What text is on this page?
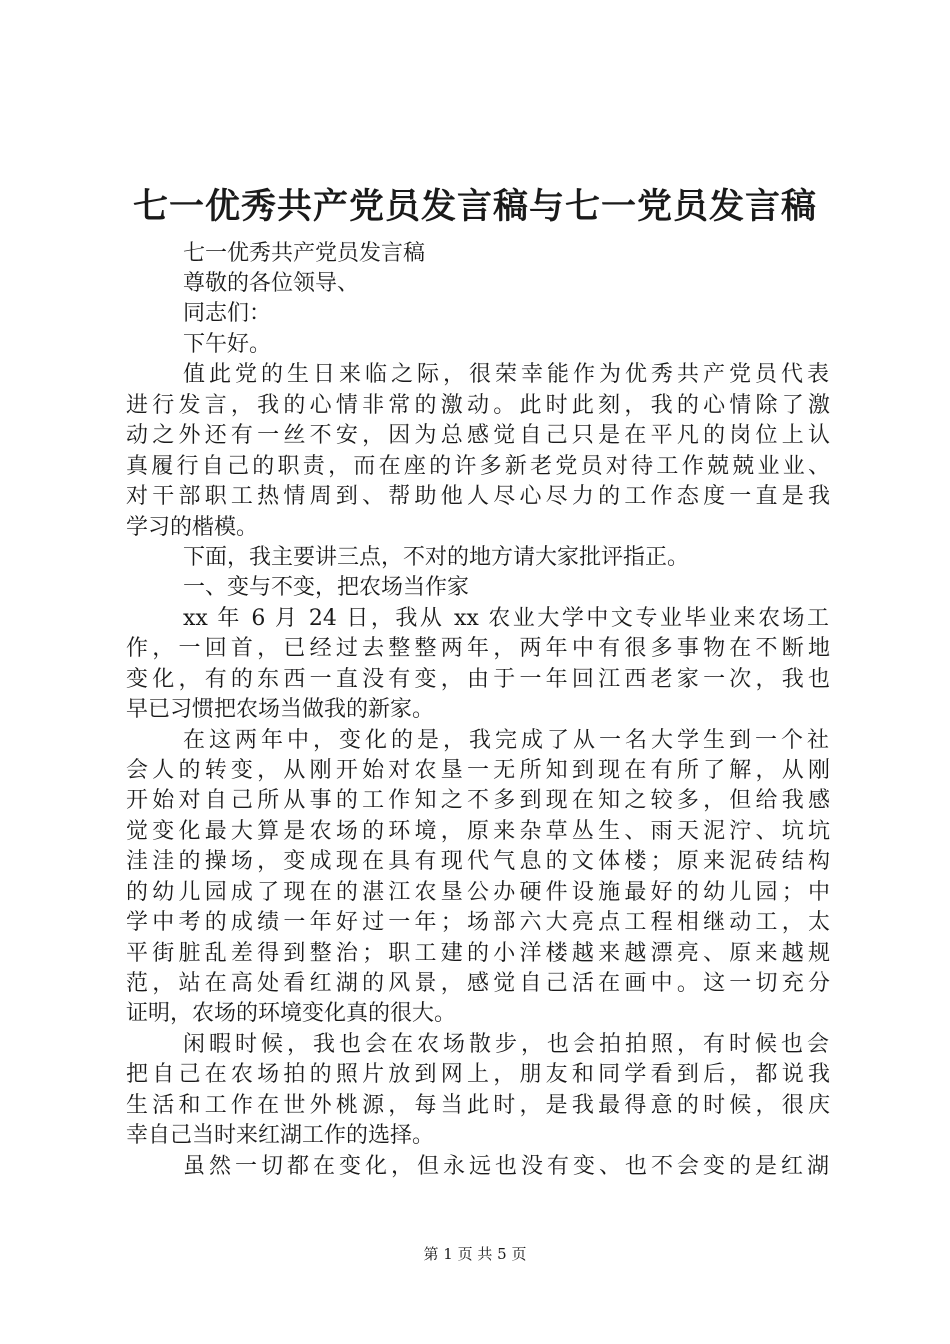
七一优秀共产党员发言稿与七一党员发言稿
七一优秀共产党员发言稿
尊敬的各位领导、
同志们：
下午好。
值此党的生日来临之际，很荣幸能作为优秀共产党员代表
进行发言，我的心情非常的激动。此时此刻，我的心情除了激
动之外还有一丝不安，因为总感觉自己只是在平凡的岗位上认
真履行自己的职责，而在座的许多新老党员对待工作兢兢业业、
对干部职工热情周到、帮助他人尽心尽力的工作态度一直是我
学习的楷模。
下面，我主要讲三点，不对的地方请大家批评指正。
一、变与不变，把农场当作家
xx 年 6 月 24 日，我从 xx 农业大学中文专业毕业来农场工
作，一回首，已经过去整整两年，两年中有很多事物在不断地
变化，有的东西一直没有变，由于一年回江西老家一次，我也
早已习惯把农场当做我的新家。
在这两年中，变化的是，我完成了从一名大学生到一个社
会人的转变，从刚开始对农垦一无所知到现在有所了解，从刚
开始对自己所从事的工作知之不多到现在知之较多，但给我感
觉变化最大算是农场的环境，原来杂草丛生、雨天泥泞、坑坑
洼洼的操场，变成现在具有现代气息的文体楼；原来泥砖结构
的幼儿园成了现在的湛江农垦公办硬件设施最好的幼儿园；中
学中考的成绩一年好过一年；场部六大亮点工程相继动工，太
平街脏乱差得到整治；职工建的小洋楼越来越漂亮、原来越规
范，站在高处看红湖的风景，感觉自己活在画中。这一切充分
证明，农场的环境变化真的很大。
闲暇时候，我也会在农场散步，也会拍拍照，有时候也会
把自己在农场拍的照片放到网上，朋友和同学看到后，都说我
生活和工作在世外桃源，每当此时，是我最得意的时候，很庆
幸自己当时来红湖工作的选择。
虽然一切都在变化，但永远也没有变、也不会变的是红湖
第 1 页 共 5 页
